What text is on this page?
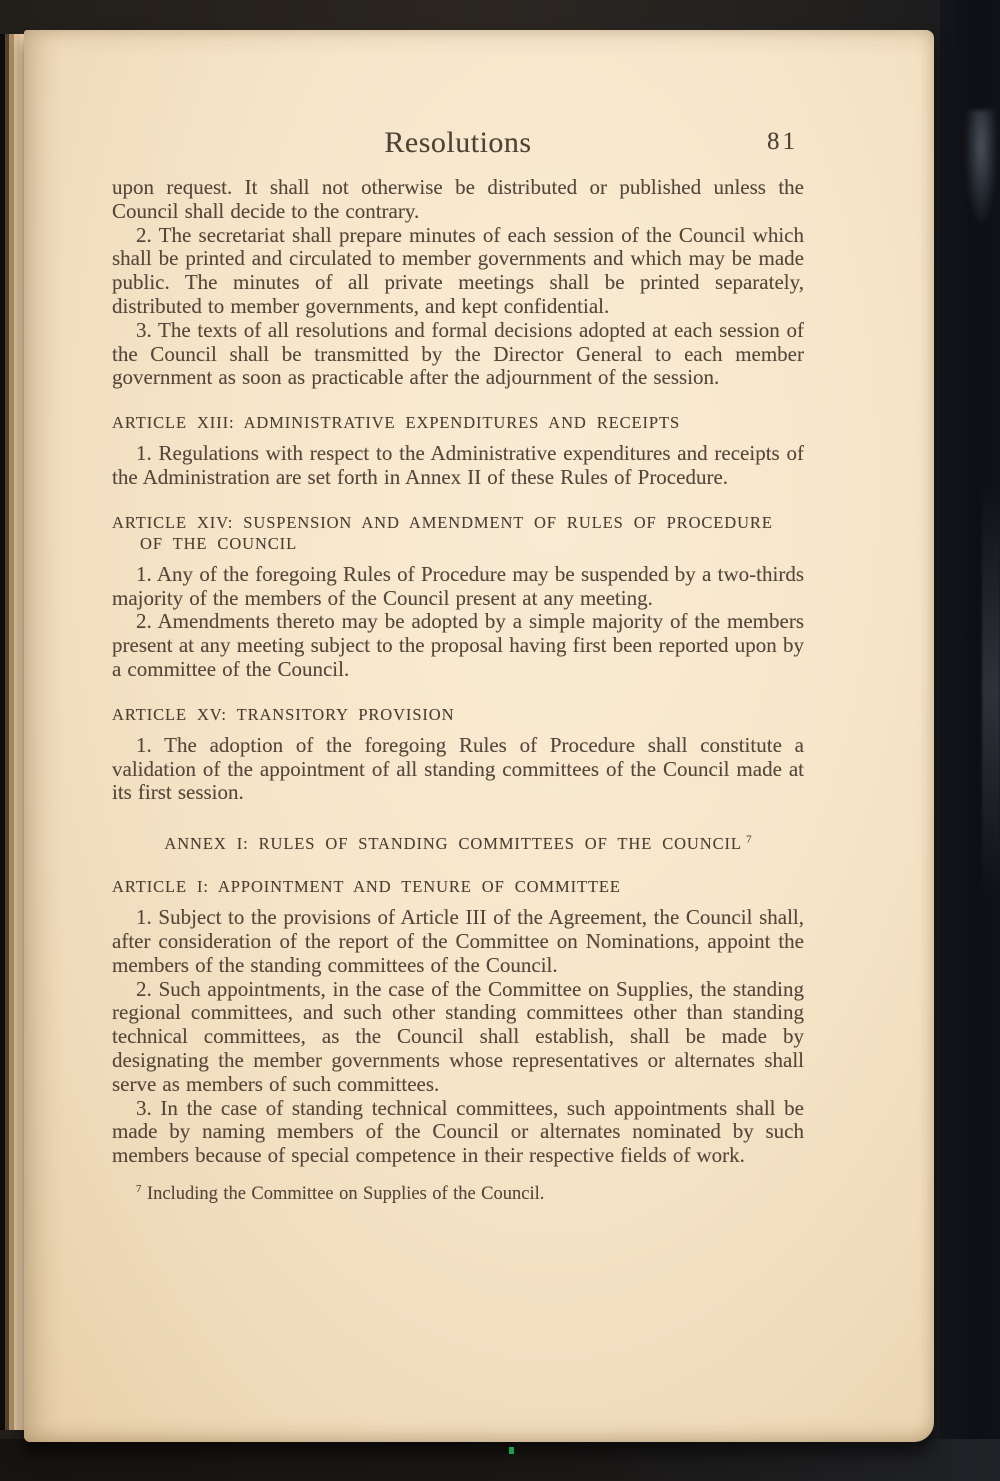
Resolutions	81

upon request. It shall not otherwise be distributed or published unless the Council shall decide to the contrary.

2. The secretariat shall prepare minutes of each session of the Council which shall be printed and circulated to member governments and which may be made public. The minutes of all private meetings shall be printed separately, distributed to member governments, and kept confidential.

3. The texts of all resolutions and formal decisions adopted at each session of the Council shall be transmitted by the Director General to each member government as soon as practicable after the adjournment of the session.

ARTICLE XIII: ADMINISTRATIVE EXPENDITURES AND RECEIPTS

1. Regulations with respect to the Administrative expenditures and receipts of the Administration are set forth in Annex II of these Rules of Procedure.

ARTICLE XIV: SUSPENSION AND AMENDMENT OF RULES OF PROCEDURE OF THE COUNCIL

1. Any of the foregoing Rules of Procedure may be suspended by a two-thirds majority of the members of the Council present at any meeting.

2. Amendments thereto may be adopted by a simple majority of the members present at any meeting subject to the proposal having first been reported upon by a committee of the Council.

ARTICLE XV: TRANSITORY PROVISION

1. The adoption of the foregoing Rules of Procedure shall constitute a validation of the appointment of all standing committees of the Council made at its first session.

ANNEX I: RULES OF STANDING COMMITTEES OF THE COUNCIL  $^7$
ARTICLE I: APPOINTMENT AND TENURE OF COMMITTEE

1. Subject to the provisions of Article III of the Agreement, the Council shall, after consideration of the report of the Committee on Nominations, appoint the members of the standing committees of the Council.

2. Such appointments, in the case of the Committee on Supplies, the standing regional committees, and such other standing committees other than standing technical committees, as the Council shall establish, shall be made by designating the member governments whose representatives or alternates shall serve as members of such committees.

3. In the case of standing technical committees, such appointments shall be made by naming members of the Council or alternates nominated by such members because of special competence in their respective fields of work.

$^7$ Including the Committee on Supplies of the Council.
